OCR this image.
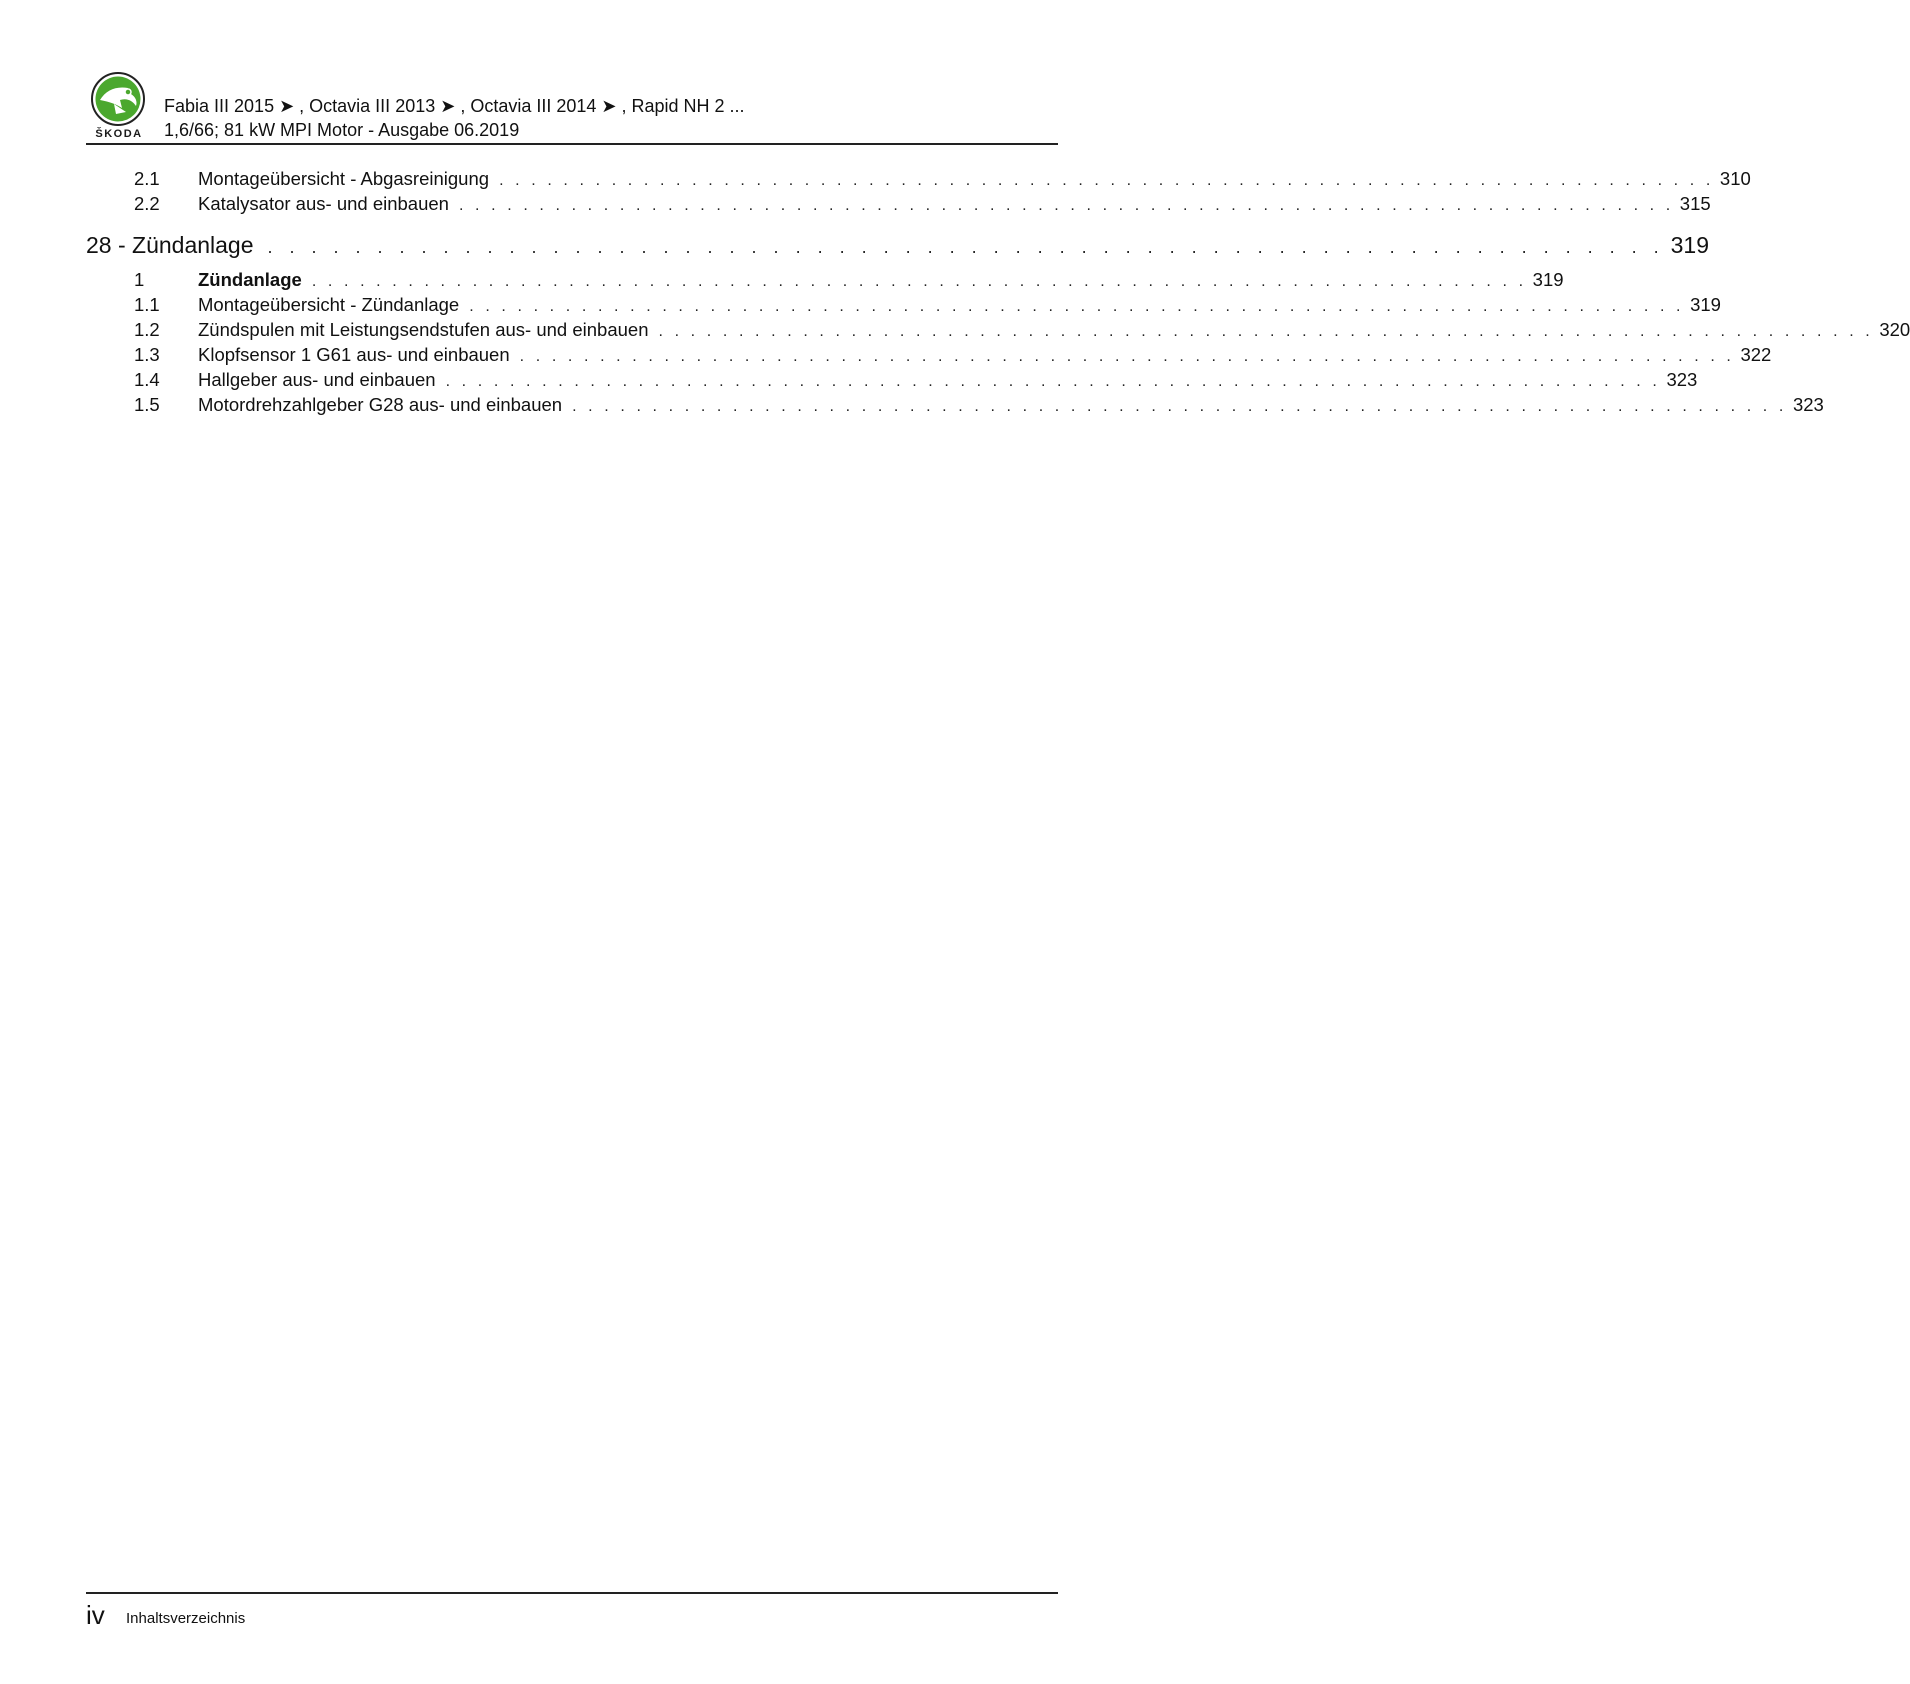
ŠKODA
Fabia III 2015 ➤ , Octavia III 2013 ➤ , Octavia III 2014 ➤ , Rapid NH 2 ...
1,6/66; 81 kW MPI Motor - Ausgabe 06.2019
2.1	Montageübersicht - Abgasreinigung . . . . . . . . . . . . . . . . . . . . . . . . . . . . . . . . . . . . . . . . . . . . . . . . . . . . . . . . . . . . . . . . . . . . . . . . . . . . 310
2.2	Katalysator aus- und einbauen . . . . . . . . . . . . . . . . . . . . . . . . . . . . . . . . . . . . . . . . . . . . . . . . . . . . . . . . . . . . . . . . . . . . . . . . . . . . 315
28 - Zündanlage . . . . . . . . . . . . . . . . . . . . . . . . . . . . . . . . . . . . . . . . . . . . . . . . . . . . . . . . . . . . . . . . 319
1	Zündanlage . . . . . . . . . . . . . . . . . . . . . . . . . . . . . . . . . . . . . . . . . . . . . . . . . . . . . . . . . . . . . . . . . . . . . . . . . . . . 319
1.1	Montageübersicht - Zündanlage . . . . . . . . . . . . . . . . . . . . . . . . . . . . . . . . . . . . . . . . . . . . . . . . . . . . . . . . . . . . . . . . . . . . . . . . . . . . 319
1.2	Zündspulen mit Leistungsendstufen aus- und einbauen . . . . . . . . . . . . . . . . . . . . . . . . . . . . . . . . . . . . . . . . . . . . . . . . . . . . . . . . . . . . . . . . . . . . . . . . . . . . 320
1.3	Klopfsensor 1 G61 aus- und einbauen . . . . . . . . . . . . . . . . . . . . . . . . . . . . . . . . . . . . . . . . . . . . . . . . . . . . . . . . . . . . . . . . . . . . . . . . . . . . 322
1.4	Hallgeber aus- und einbauen . . . . . . . . . . . . . . . . . . . . . . . . . . . . . . . . . . . . . . . . . . . . . . . . . . . . . . . . . . . . . . . . . . . . . . . . . . . . 323
1.5	Motordrehzahlgeber G28 aus- und einbauen . . . . . . . . . . . . . . . . . . . . . . . . . . . . . . . . . . . . . . . . . . . . . . . . . . . . . . . . . . . . . . . . . . . . . . . . . . . . 323
iv Inhaltsverzeichnis
